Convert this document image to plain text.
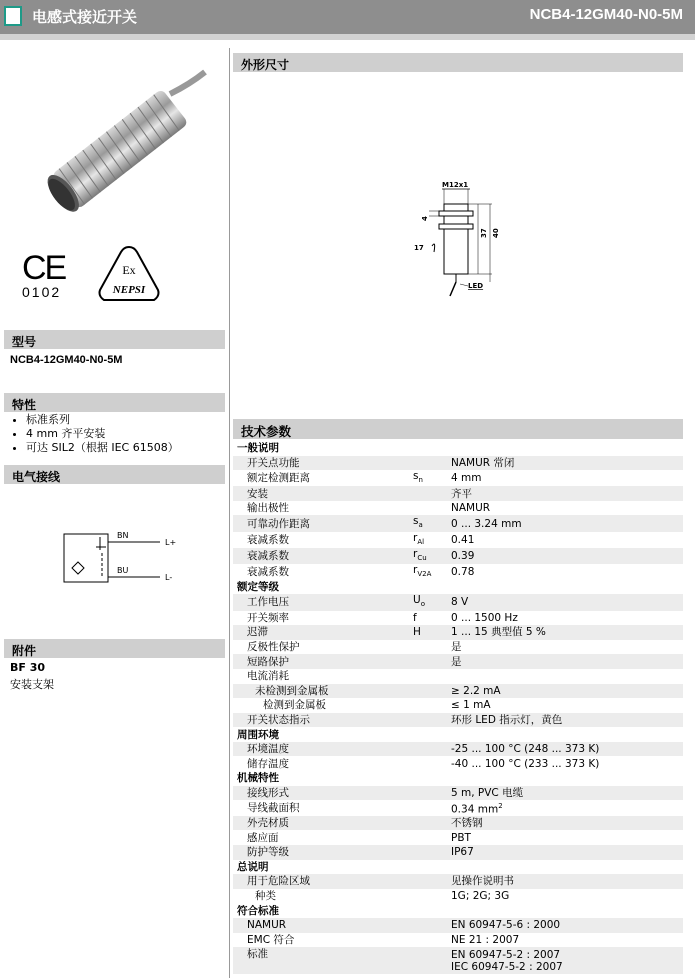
电感式接近开关	NCB4-12GM40-N0-5M
CE
0102
Ex
NEPSI
型号
NCB4-12GM40-N0-5M
特性
• 标准系列
• 4 mm 齐平安装
• 可达 SIL2（根据 IEC 61508）
电气接线
BN
BU
L+
L-
附件
BF 30
安装支架
外形尺寸
M12x1
4
17
37 40
LED
技术参数
一般说明		
开关点功能		NAMUR 常闭
额定检测距离	$s_n$	4 mm
安装		齐平
输出极性		NAMUR
可靠动作距离	$s_a$	0 ... 3.24 mm
衰减系数	$r_{Al}$	0.41
衰减系数	$r_{Cu}$	0.39
衰减系数	$r_{V2A}$	0.78
额定等级		
工作电压	$U_o$	8 V
开关频率	f	0 ... 1500 Hz
迟滞	H	1 ... 15 典型值 5 %
反极性保护		是
短路保护		是
电流消耗		
未检测到金属板		≥ 2.2 mA
检测到金属板		≤ 1 mA
开关状态指示		环形 LED 指示灯，黄色
周围环境		
环境温度		-25 ... 100 °C (248 ... 373 K)
储存温度		-40 ... 100 °C (233 ... 373 K)
机械特性		
接线形式		5 m, PVC 电缆
导线截面积		0.34 $mm^2$
外壳材质		不锈钢
感应面		PBT
防护等级		IP67
总说明		
用于危险区域		见操作说明书
种类		1G; 2G; 3G
符合标准		
NAMUR		EN 60947-5-6 : 2000
EMC 符合		NE 21 : 2007
标准		EN 60947-5-2 : 2007
IEC 60947-5-2 : 2007
